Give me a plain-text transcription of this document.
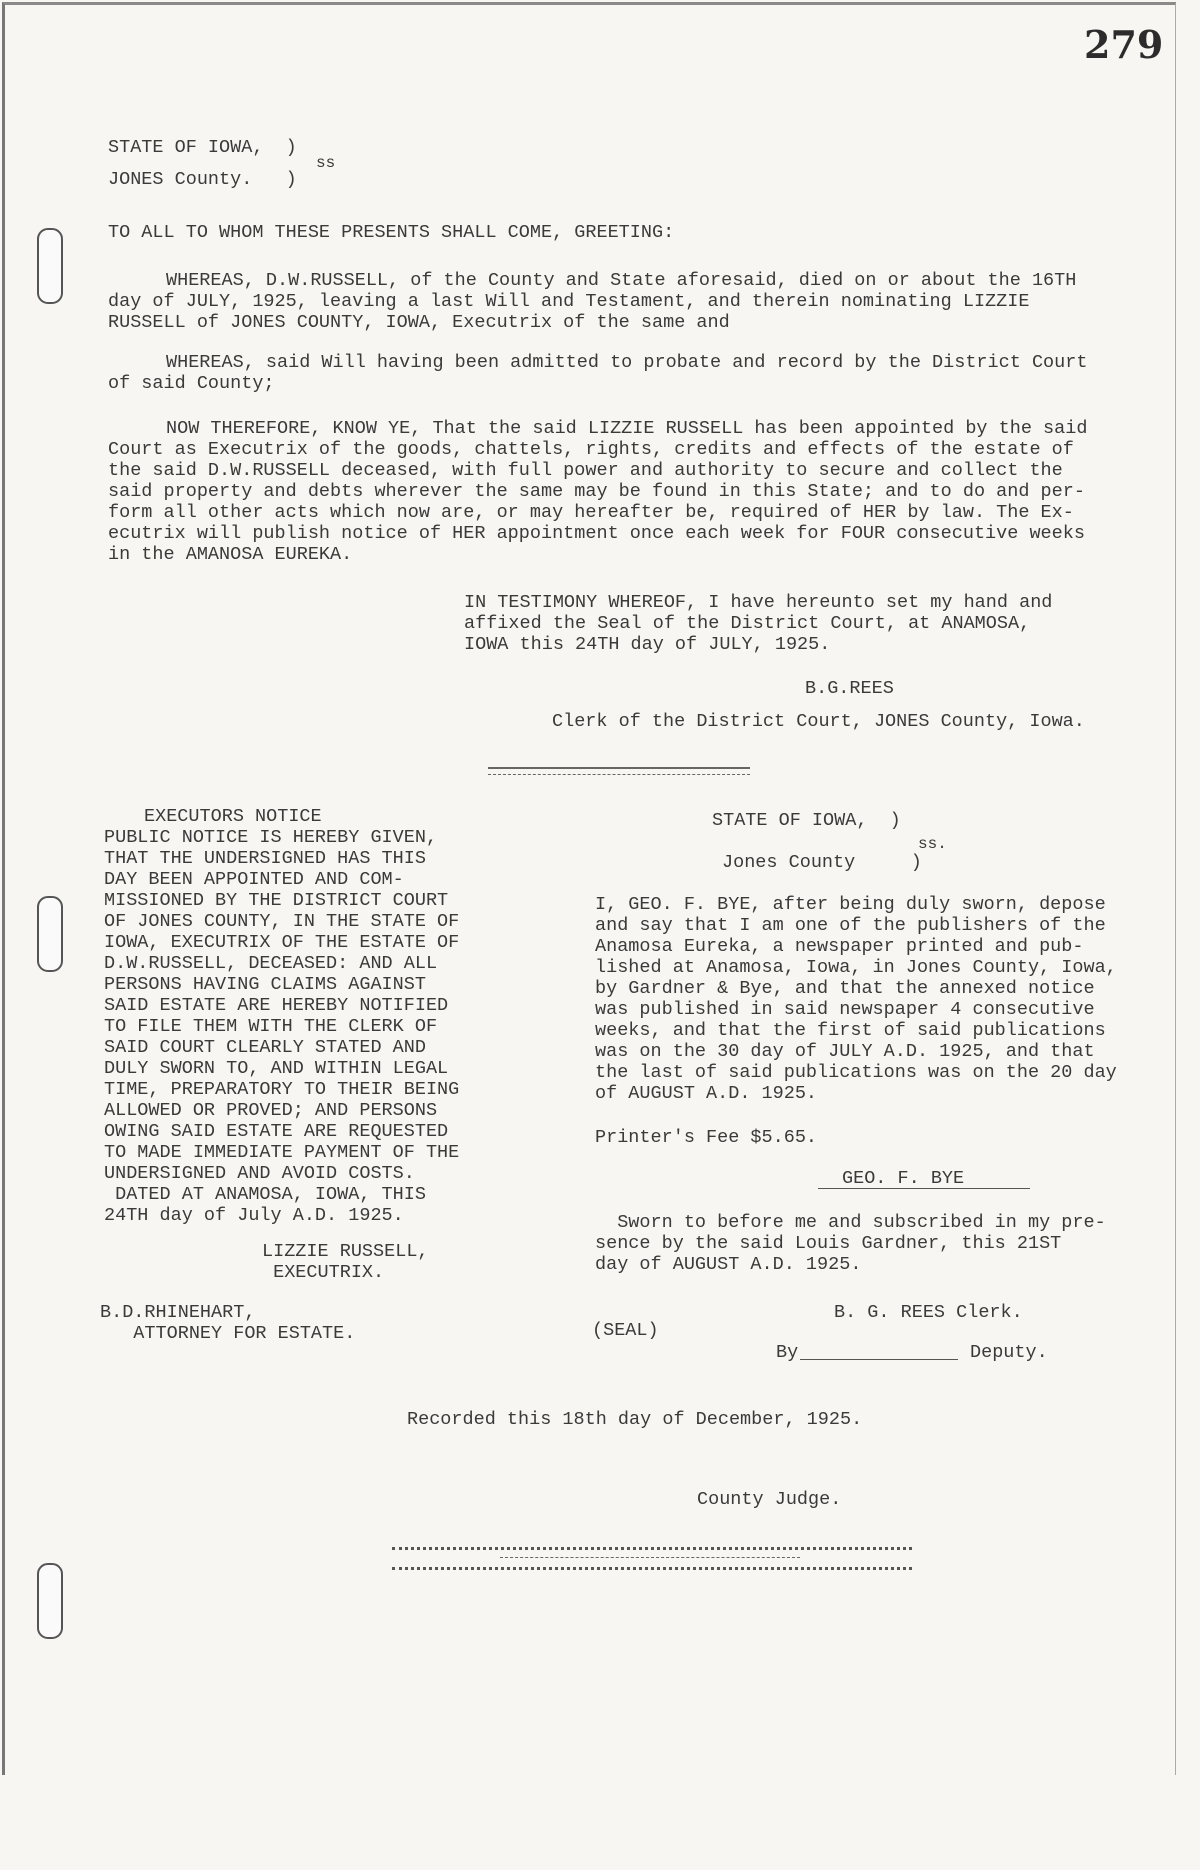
279
STATE OF IOWA,  )
ss
JONES County.   )
TO ALL TO WHOM THESE PRESENTS SHALL COME, GREETING:
WHEREAS, D.W.RUSSELL, of the County and State aforesaid, died on or about the 16TH
day of JULY, 1925, leaving a last Will and Testament, and therein nominating LIZZIE
RUSSELL of JONES COUNTY, IOWA, Executrix of the same and
WHEREAS, said Will having been admitted to probate and record by the District Court
of said County;
NOW THEREFORE, KNOW YE, That the said LIZZIE RUSSELL has been appointed by the said
Court as Executrix of the goods, chattels, rights, credits and effects of the estate of
the said D.W.RUSSELL deceased, with full power and authority to secure and collect the
said property and debts wherever the same may be found in this State; and to do and per-
form all other acts which now are, or may hereafter be, required of HER by law. The Ex-
ecutrix will publish notice of HER appointment once each week for FOUR consecutive weeks
in the AMANOSA EUREKA.
IN TESTIMONY WHEREOF, I have hereunto set my hand and
affixed the Seal of the District Court, at ANAMOSA,
IOWA this 24TH day of JULY, 1925.
B.G.REES
Clerk of the District Court, JONES County, Iowa.
EXECUTORS NOTICE
PUBLIC NOTICE IS HEREBY GIVEN,
THAT THE UNDERSIGNED HAS THIS
DAY BEEN APPOINTED AND COM-
MISSIONED BY THE DISTRICT COURT
OF JONES COUNTY, IN THE STATE OF
IOWA, EXECUTRIX OF THE ESTATE OF
D.W.RUSSELL, DECEASED: AND ALL
PERSONS HAVING CLAIMS AGAINST
SAID ESTATE ARE HEREBY NOTIFIED
TO FILE THEM WITH THE CLERK OF
SAID COURT CLEARLY STATED AND
DULY SWORN TO, AND WITHIN LEGAL
TIME, PREPARATORY TO THEIR BEING
ALLOWED OR PROVED; AND PERSONS
OWING SAID ESTATE ARE REQUESTED
TO MADE IMMEDIATE PAYMENT OF THE
UNDERSIGNED AND AVOID COSTS.
DATED AT ANAMOSA, IOWA, THIS
24TH day of July A.D. 1925.
LIZZIE RUSSELL,
EXECUTRIX.
B.D.RHINEHART,
ATTORNEY FOR ESTATE.
STATE OF IOWA,  )
ss.
Jones County     )
I, GEO. F. BYE, after being duly sworn, depose
and say that I am one of the publishers of the
Anamosa Eureka, a newspaper printed and pub-
lished at Anamosa, Iowa, in Jones County, Iowa,
by Gardner & Bye, and that the annexed notice
was published in said newspaper 4 consecutive
weeks, and that the first of said publications
was on the 30 day of JULY A.D. 1925, and that
the last of said publications was on the 20 day
of AUGUST A.D. 1925.
Printer's Fee $5.65.
GEO. F. BYE
Sworn to before me and subscribed in my pre-
sence by the said Louis Gardner, this 21ST
day of AUGUST A.D. 1925.
B. G. REES Clerk.
(SEAL)
By	Deputy.
Recorded this 18th day of December, 1925.
County Judge.
